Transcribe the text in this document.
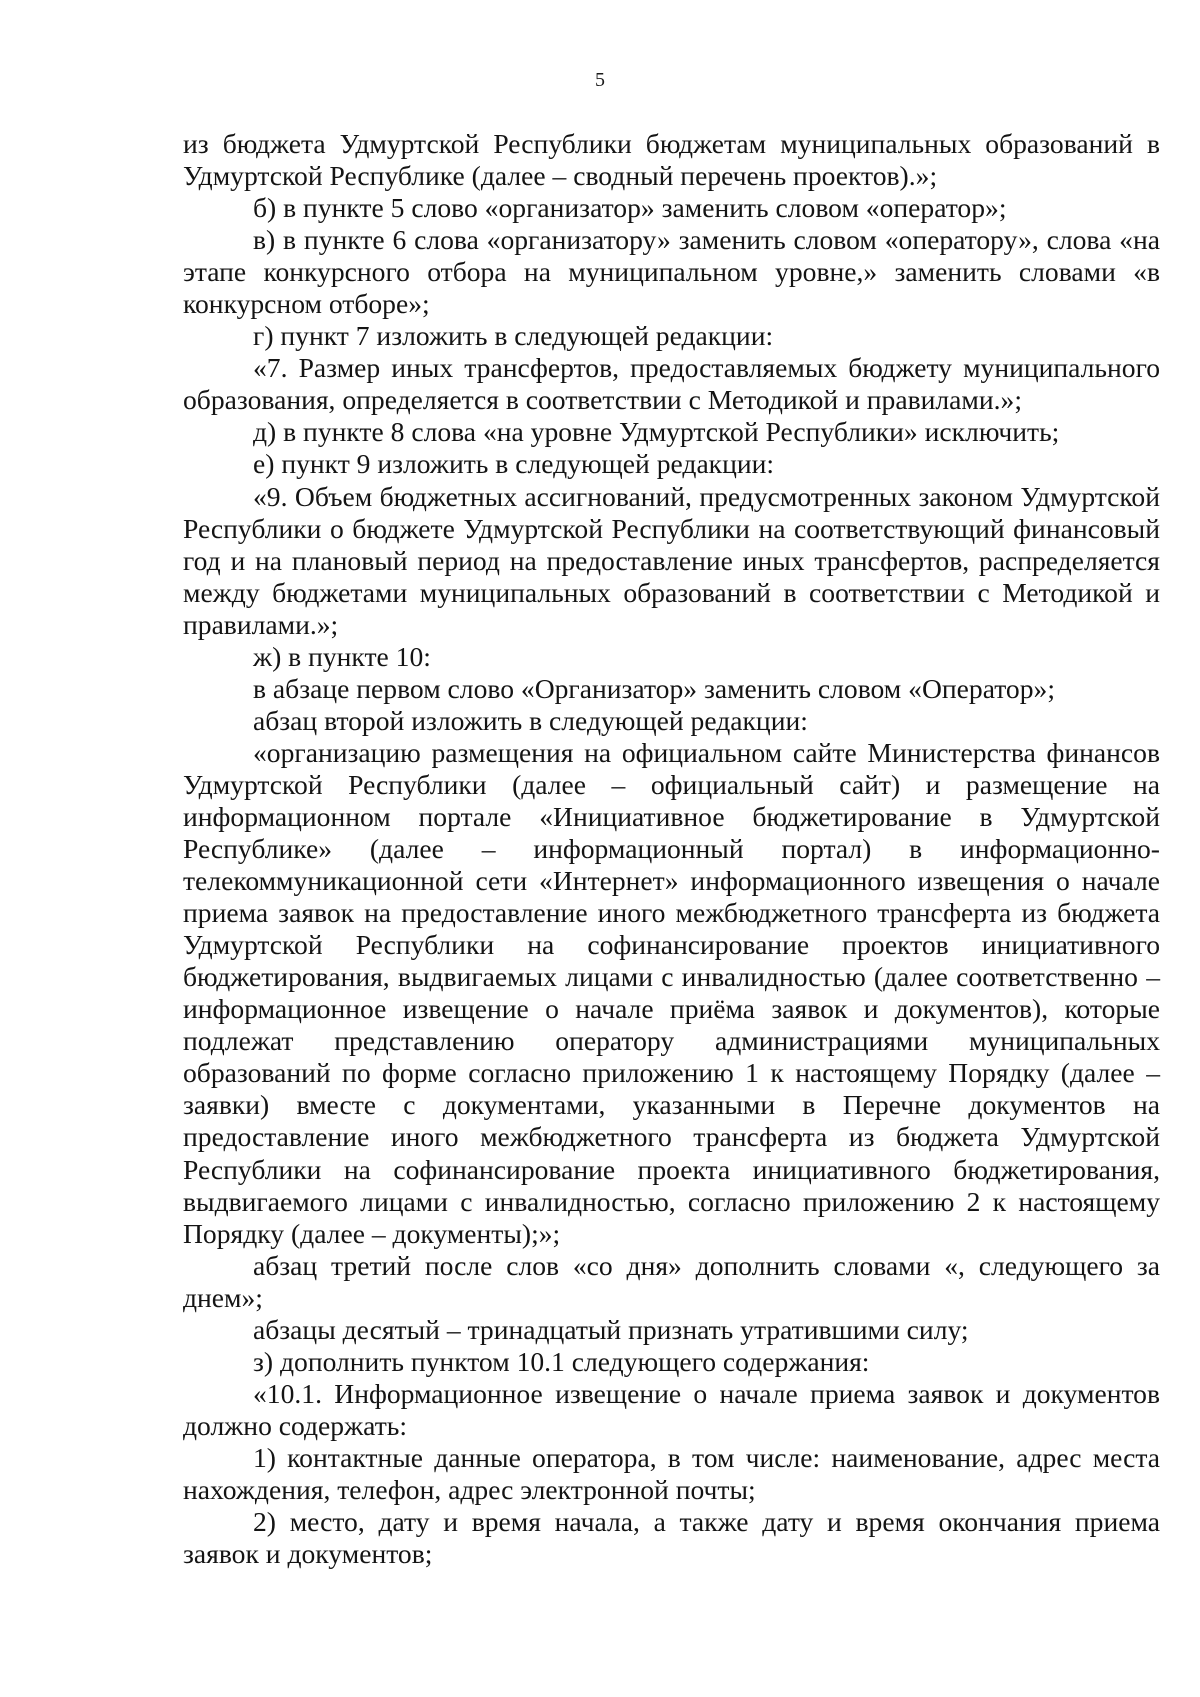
5

из бюджета Удмуртской Республики бюджетам муниципальных образований в Удмуртской Республике (далее – сводный перечень проектов).»;

б) в пункте 5 слово «организатор» заменить словом «оператор»;

в) в пункте 6 слова «организатору» заменить словом «оператору», слова «на этапе конкурсного отбора на муниципальном уровне,» заменить словами «в конкурсном отборе»;

г) пункт 7 изложить в следующей редакции:

«7. Размер иных трансфертов, предоставляемых бюджету муниципального образования, определяется в соответствии с Методикой и правилами.»;

д) в пункте 8 слова «на уровне Удмуртской Республики» исключить;

е) пункт 9 изложить в следующей редакции:

«9. Объем бюджетных ассигнований, предусмотренных законом Удмуртской Республики о бюджете Удмуртской Республики на соответствующий финансовый год и на плановый период на предоставление иных трансфертов, распределяется между бюджетами муниципальных образований в соответствии с Методикой и правилами.»;

ж) в пункте 10:

в абзаце первом слово «Организатор» заменить словом «Оператор»;

абзац второй изложить в следующей редакции:

«организацию размещения на официальном сайте Министерства финансов Удмуртской Республики (далее – официальный сайт) и размещение на информационном портале «Инициативное бюджетирование в Удмуртской Республике» (далее – информационный портал) в информационно-телекоммуникационной сети «Интернет» информационного извещения о начале приема заявок на предоставление иного межбюджетного трансферта из бюджета Удмуртской Республики на софинансирование проектов инициативного бюджетирования, выдвигаемых лицами с инвалидностью (далее соответственно – информационное извещение о начале приёма заявок и документов), которые подлежат представлению оператору администрациями муниципальных образований по форме согласно приложению 1 к настоящему Порядку (далее – заявки) вместе с документами, указанными в Перечне документов на предоставление иного межбюджетного трансферта из бюджета Удмуртской Республики на софинансирование проекта инициативного бюджетирования, выдвигаемого лицами с инвалидностью, согласно приложению 2 к настоящему Порядку (далее – документы);»;

абзац третий после слов «со дня» дополнить словами «, следующего за днем»;

абзацы десятый – тринадцатый признать утратившими силу;

з) дополнить пунктом 10.1 следующего содержания:

«10.1. Информационное извещение о начале приема заявок и документов должно содержать:

1) контактные данные оператора, в том числе: наименование, адрес места нахождения, телефон, адрес электронной почты;

2) место, дату и время начала, а также дату и время окончания приема заявок и документов;
